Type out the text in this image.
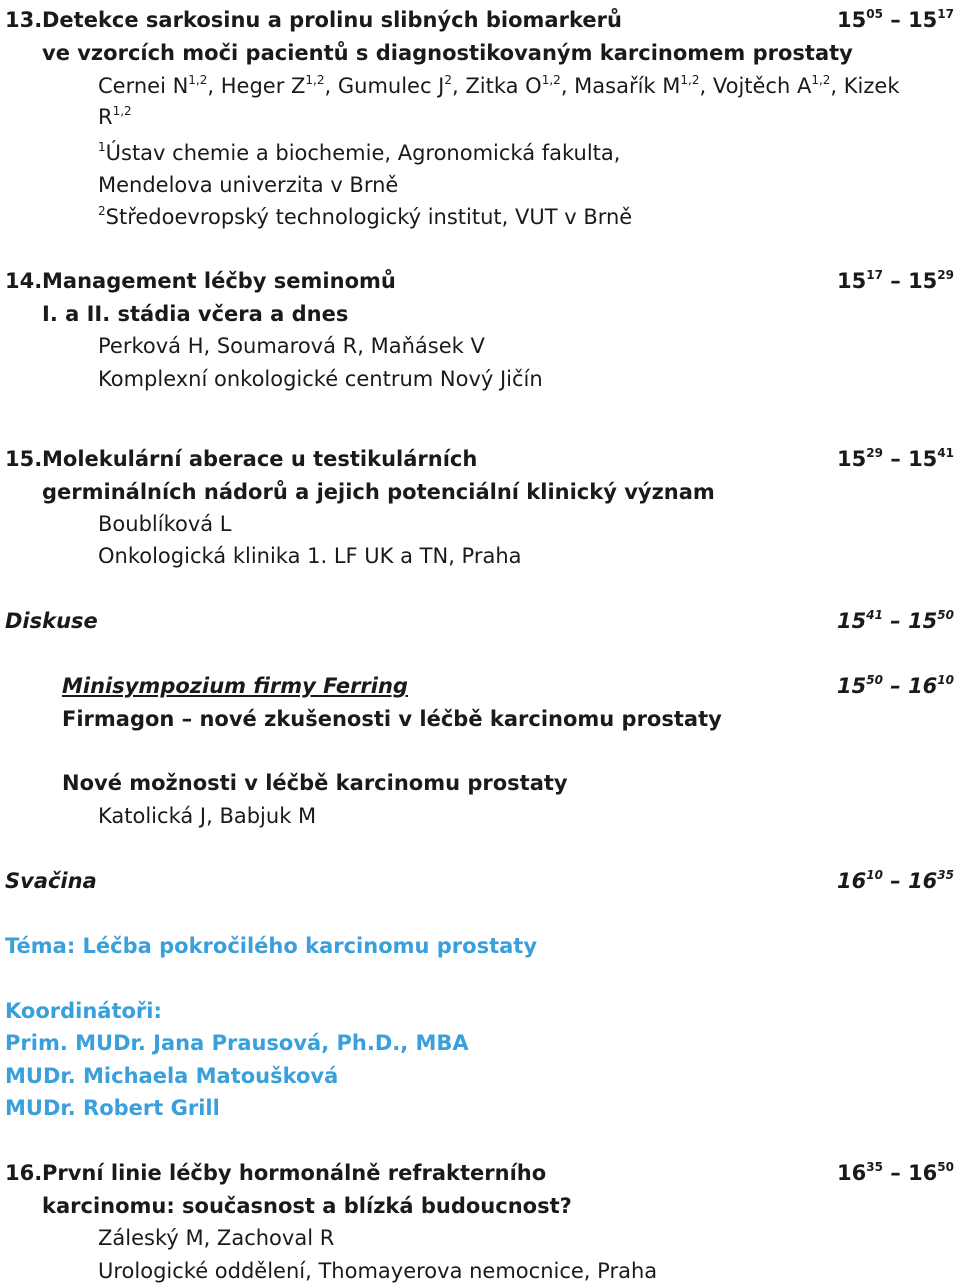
13. Detekce sarkosinu a prolinu slibných biomarkerů	$15^{05} - 15^{17}$
ve vzorcích moči pacientů s diagnostikovaným karcinomem prostaty
Cernei N$^{1,2}$, Heger Z$^{1,2}$, Gumulec $J^2$, Zitka O$^{1,2}$, Masařík M$^{1,2}$, Vojtěch A$^{1,2}$, Kizek
R$^{1,2}$
$^1$Ústav chemie a biochemie, Agronomická fakulta,
Mendelova univerzita v Brně
$^2$Středoevropský technologický institut, VUT v Brně
14. Management léčby seminomů	$15^{17} - 15^{29}$
I. a II. stádia včera a dnes
Perková H, Soumarová R, Maňásek V
Komplexní onkologické centrum Nový Jičín
15. Molekulární aberace u testikulárních	$15^{29} - 15^{41}$
germinálních nádorů a jejich potenciální klinický význam
Boublíková L
Onkologická klinika 1. LF UK a TN, Praha
Diskuse	$15^{41} - 15^{50}$
Minisympozium firmy Ferring	$15^{50} - 16^{10}$
Firmagon – nové zkušenosti v léčbě karcinomu prostaty
Nové možnosti v léčbě karcinomu prostaty
Katolická J, Babjuk M
Svačina	$16^{10} - 16^{35}$
Téma: Léčba pokročilého karcinomu prostaty
Koordinátoři:
Prim. MUDr. Jana Prausová, Ph.D., MBA
MUDr. Michaela Matoušková
MUDr. Robert Grill
16. První linie léčby hormonálně refrakterního	$16^{35} - 16^{50}$
karcinomu: současnost a blízká budoucnost?
Záleský M, Zachoval R
Urologické oddělení, Thomayerova nemocnice, Praha
